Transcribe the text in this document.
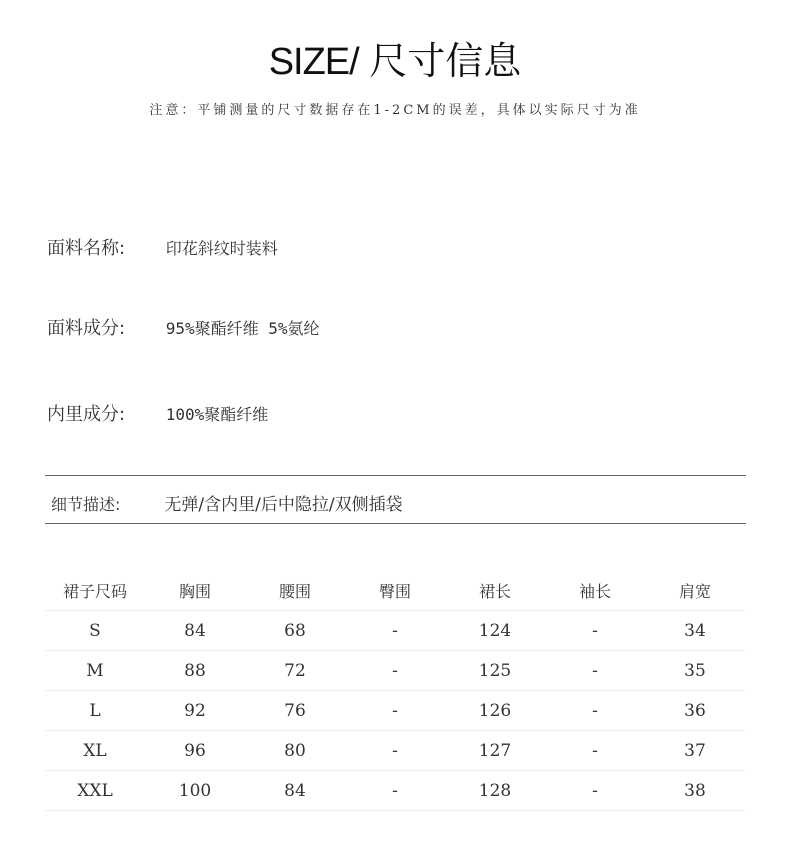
SIZE/ 尺寸信息
注意：平铺测量的尺寸数据存在1-2CM的误差，具体以实际尺寸为准
面料名称:	印花斜纹时装料
面料成分:	95%聚酯纤维 5%氨纶
内里成分:	100%聚酯纤维
细节描述:	无弹/含内里/后中隐拉/双侧插袋
裙子尺码	胸围	腰围	臀围	裙长	袖长	肩宽
S	84	68	-	124	-	34
M	88	72	-	125	-	35
L	92	76	-	126	-	36
XL	96	80	-	127	-	37
XXL	100	84	-	128	-	38
